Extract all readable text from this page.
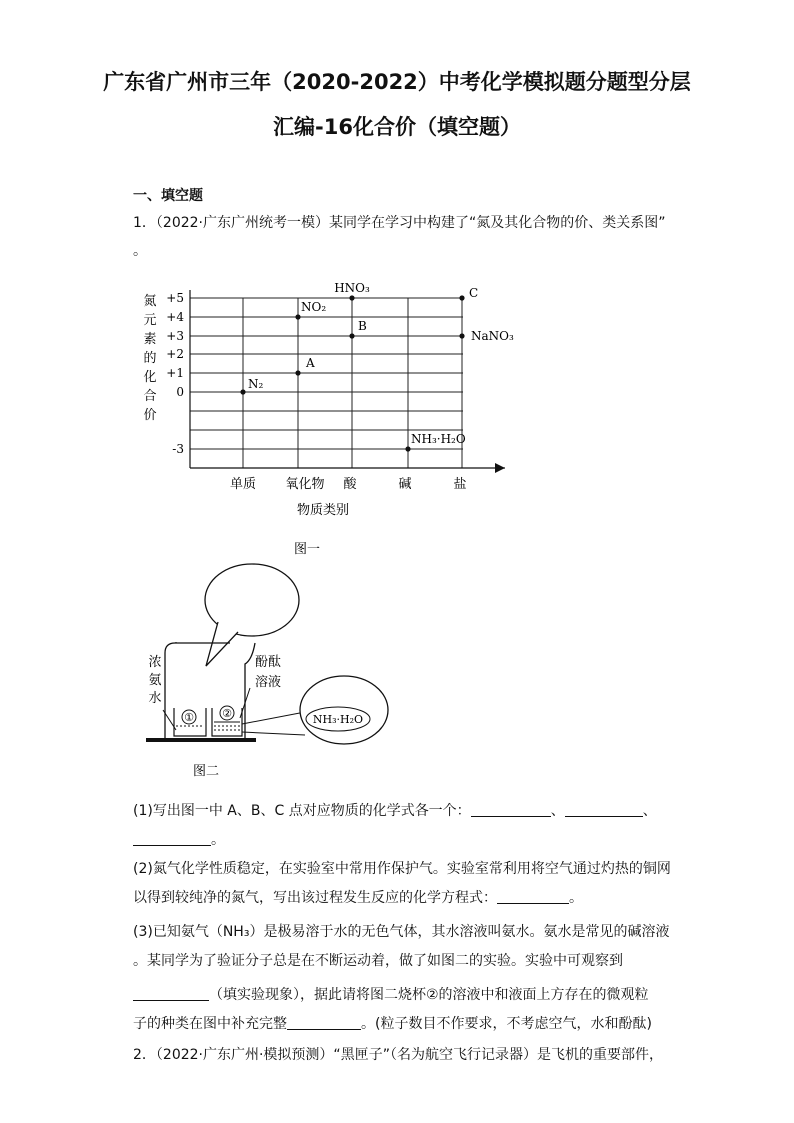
广东省广州市三年（2020-2022）中考化学模拟题分题型分层
汇编-16化合价（填空题）
一、填空题
1．（2022·广东广州统考一模）某同学在学习中构建了“氮及其化合物的价、类关系图”
。
氮
元
素
的
化
合
价
+5
+4
+3
+2
+1
0
-3
单质 氧化物 酸	碱	盐
N₂
A
NO₂
HNO₃
B
NH₃·H₂O
C
NaNO₃
物质类别
图一
①	②	NH₃·H₂O
浓
氨
水
酚酞
溶液
图二
(1)写出图一中 A、B、C 点对应物质的化学式各一个：	、	、
。
(2)氮气化学性质稳定，在实验室中常用作保护气。实验室常利用将空气通过灼热的铜网
以得到较纯净的氮气，写出该过程发生反应的化学方程式：	。
(3)已知氨气（NH₃）是极易溶于水的无色气体，其水溶液叫氨水。氨水是常见的碱溶液
。某同学为了验证分子总是在不断运动着，做了如图二的实验。实验中可观察到
（填实验现象），据此请将图二烧杯②的溶液中和液面上方存在的微观粒
子的种类在图中补充完整	。(粒子数目不作要求，不考虑空气，水和酚酞)
2．（2022·广东广州·模拟预测）“黑匣子”（名为航空飞行记录器）是飞机的重要部件，
